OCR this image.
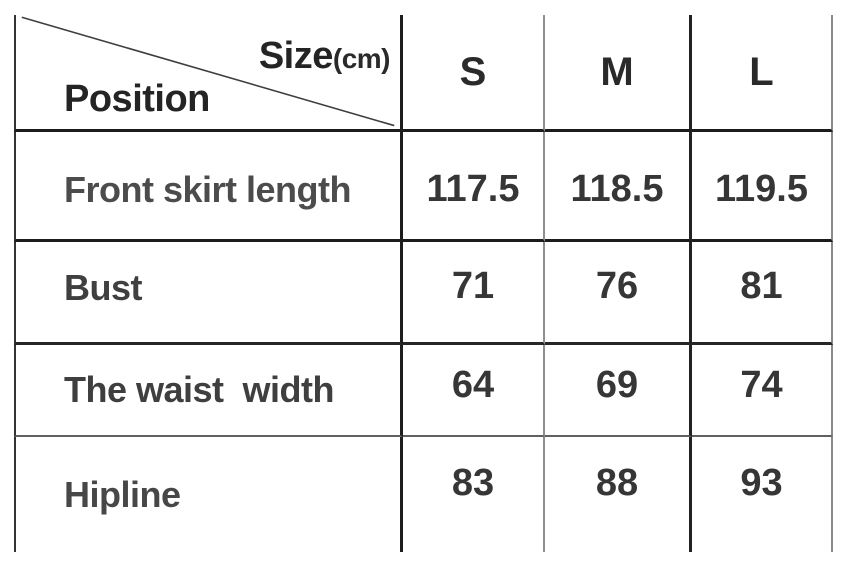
Size(cm)
Position
S	M	L
Front skirt length	117.5	118.5	119.5
Bust	71	76	81
The waist  width	64	69	74
Hipline	83	88	93
